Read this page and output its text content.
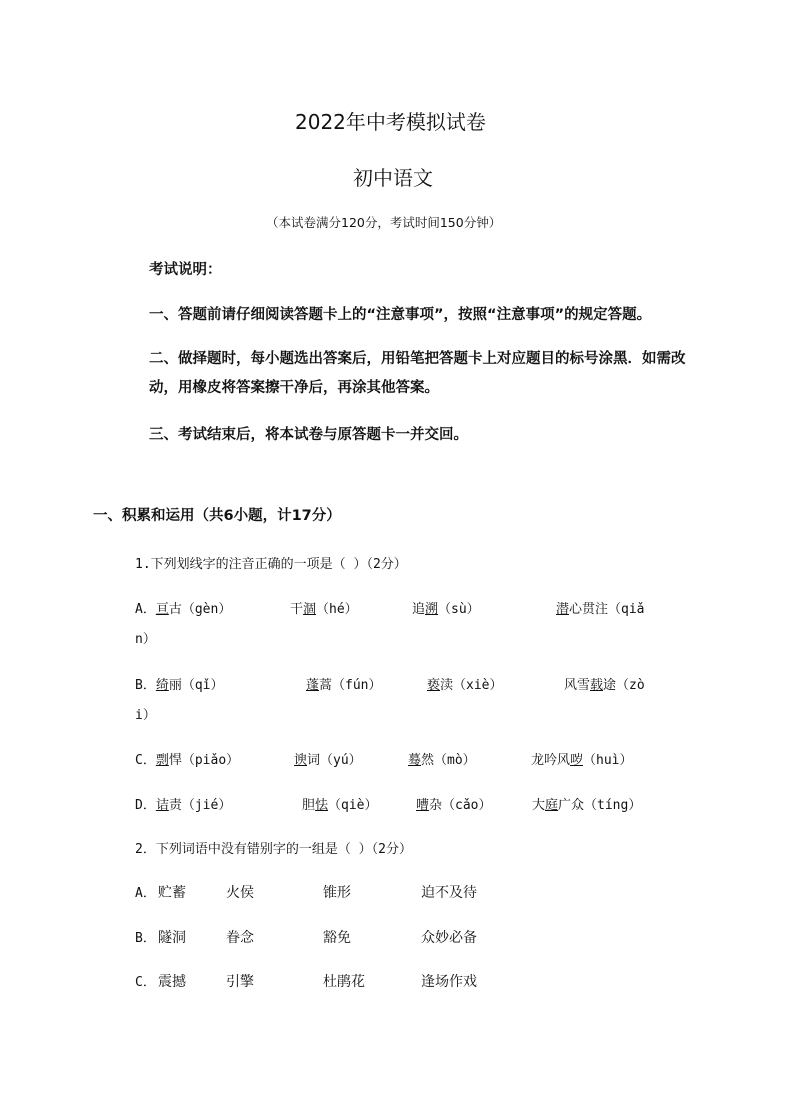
2022年中考模拟试卷
初中语文
（本试卷满分120分，考试时间150分钟）
考试说明：
一、答题前请仔细阅读答题卡上的“注意事项”，按照“注意事项”的规定答题。
二、做择题时，每小题选出答案后，用铅笔把答题卡上对应题目的标号涂黑．如需改
动，用橡皮将答案擦干净后，再涂其他答案。
三、考试结束后，将本试卷与原答题卡一并交回。
一、积累和运用（共6小题，计17分）
1.下列划线字的注音正确的一项是（ ）（2分）
A．亘古（gèn）	干涸（hé）	追溯（sù）	潜心贯注（qiǎ
n）
B．绮丽（qǐ）	蓬蒿（fún）	亵渎（xiè）	风雪载途（zò
i）
C．剽悍（piǎo）	谀词（yú）	蓦然（mò）	龙吟风哕（huì）
D．诘责（jié）	胆怯（qiè）	嘈杂（cǎo）	大庭广众（tíng）
2．下列词语中没有错别字的一组是（ ）（2分）
A． 贮蓄	火侯	锥形	迫不及待
B． 隧洞	眷念	豁免	众妙必备
C． 震撼	引擎	杜鹃花	逢场作戏
